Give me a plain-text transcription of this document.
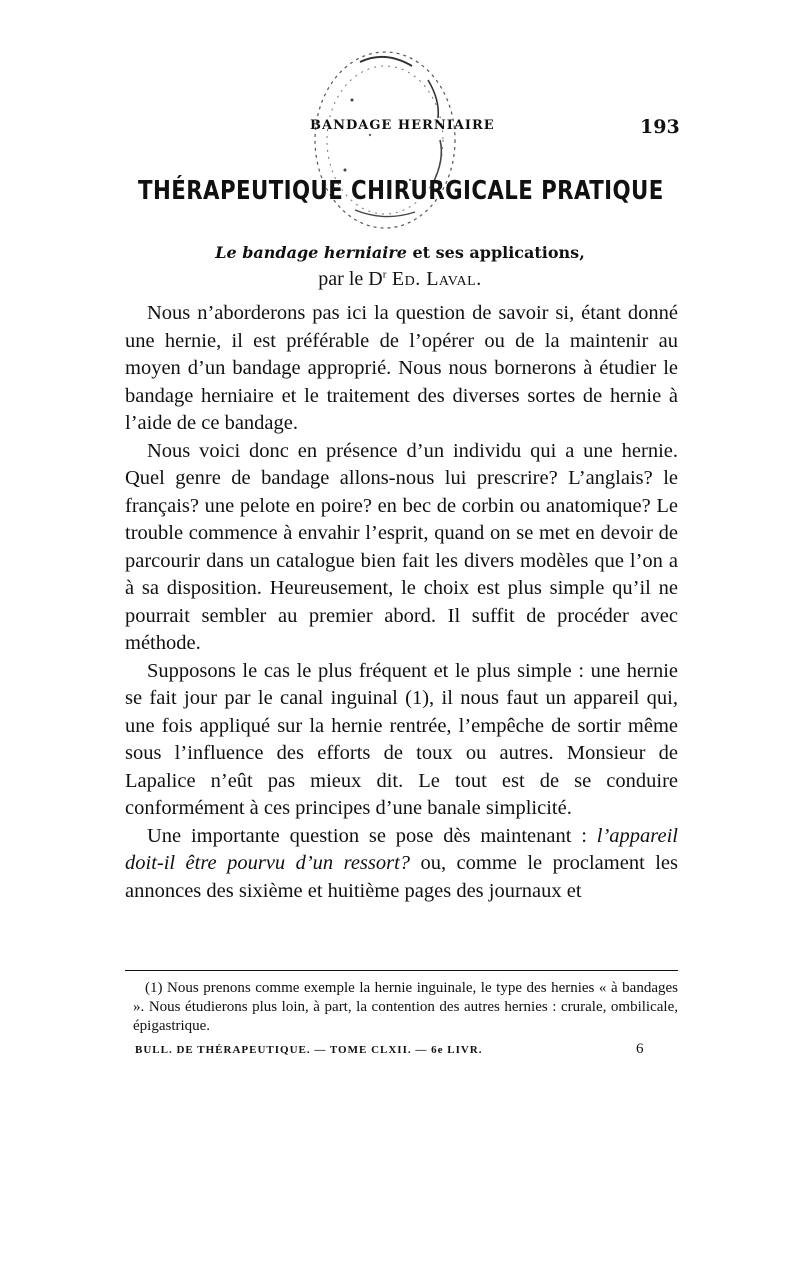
BANDAGE HERNIAIRE	193
THÉRAPEUTIQUE CHIRURGICALE PRATIQUE
Le bandage herniaire et ses applications,
par le $D^r$ Ed. Laval.

Nous n’aborderons pas ici la question de savoir si, étant donné une hernie, il est préférable de l’opérer ou de la maintenir au moyen d’un bandage approprié. Nous nous bornerons à étudier le bandage herniaire et le traitement des diverses sortes de hernie à l’aide de ce bandage.

Nous voici donc en présence d’un individu qui a une hernie. Quel genre de bandage allons-nous lui prescrire? L’anglais? le français? une pelote en poire? en bec de corbin ou anatomique? Le trouble commence à envahir l’esprit, quand on se met en devoir de parcourir dans un catalogue bien fait les divers modèles que l’on a à sa disposition. Heureusement, le choix est plus simple qu’il ne pourrait sembler au premier abord. Il suffit de procéder avec méthode.

Supposons le cas le plus fréquent et le plus simple : une hernie se fait jour par le canal inguinal (1), il nous faut un appareil qui, une fois appliqué sur la hernie rentrée, l’empêche de sortir même sous l’influence des efforts de toux ou autres. Monsieur de Lapalice n’eût pas mieux dit. Le tout est de se conduire conformément à ces principes d’une banale simplicité.

Une importante question se pose dès maintenant : l’appareil doit-il être pourvu d’un ressort? ou, comme le proclament les annonces des sixième et huitième pages des journaux et

(1) Nous prenons comme exemple la hernie inguinale, le type des hernies « à bandages ». Nous étudierons plus loin, à part, la contention des autres hernies : crurale, ombilicale, épigastrique.
BULL. DE THÉRAPEUTIQUE. — TOME CLXII. — 6e LIVR.	6
